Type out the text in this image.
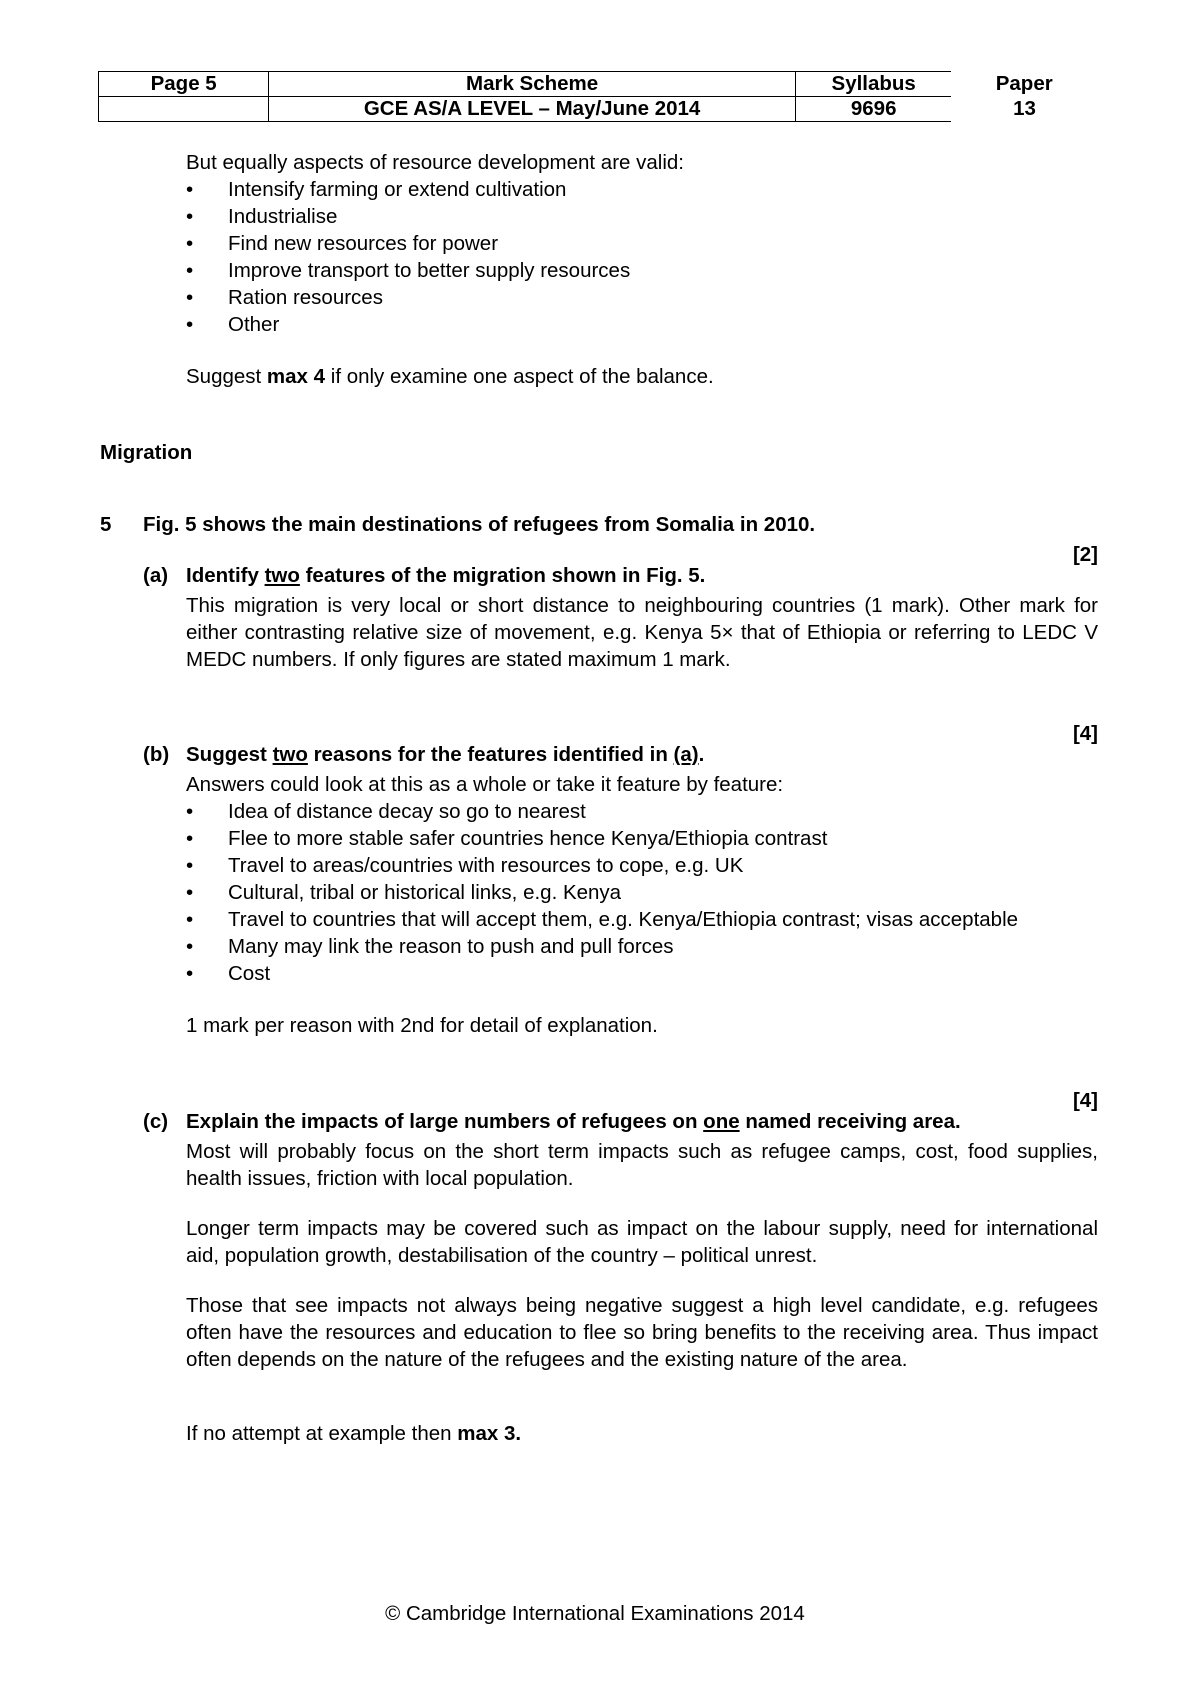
Page 5	Mark Scheme	Syllabus	Paper
	GCE AS/A LEVEL – May/June 2014	9696	13

But equally aspects of resource development are valid:

• Intensify farming or extend cultivation
• Industrialise
• Find new resources for power
• Improve transport to better supply resources
• Ration resources
• Other

Suggest max 4 if only examine one aspect of the balance.

Migration

5 Fig. 5 shows the main destinations of refugees from Somalia in 2010.

(a) Identify two features of the migration shown in Fig. 5.

[2]

This migration is very local or short distance to neighbouring countries (1 mark). Other mark for either contrasting relative size of movement, e.g. Kenya 5× that of Ethiopia or referring to LEDC V MEDC numbers. If only figures are stated maximum 1 mark.

(b) Suggest two reasons for the features identified in (a).

[4]

Answers could look at this as a whole or take it feature by feature:

• Idea of distance decay so go to nearest
• Flee to more stable safer countries hence Kenya/Ethiopia contrast
• Travel to areas/countries with resources to cope, e.g. UK
• Cultural, tribal or historical links, e.g. Kenya
• Travel to countries that will accept them, e.g. Kenya/Ethiopia contrast; visas acceptable
• Many may link the reason to push and pull forces
• Cost

1 mark per reason with 2nd for detail of explanation.

(c) Explain the impacts of large numbers of refugees on one named receiving area.

[4]

Most will probably focus on the short term impacts such as refugee camps, cost, food supplies, health issues, friction with local population.

Longer term impacts may be covered such as impact on the labour supply, need for international aid, population growth, destabilisation of the country – political unrest.

Those that see impacts not always being negative suggest a high level candidate, e.g. refugees often have the resources and education to flee so bring benefits to the receiving area. Thus impact often depends on the nature of the refugees and the existing nature of the area.

If no attempt at example then max 3.

© Cambridge International Examinations 2014
